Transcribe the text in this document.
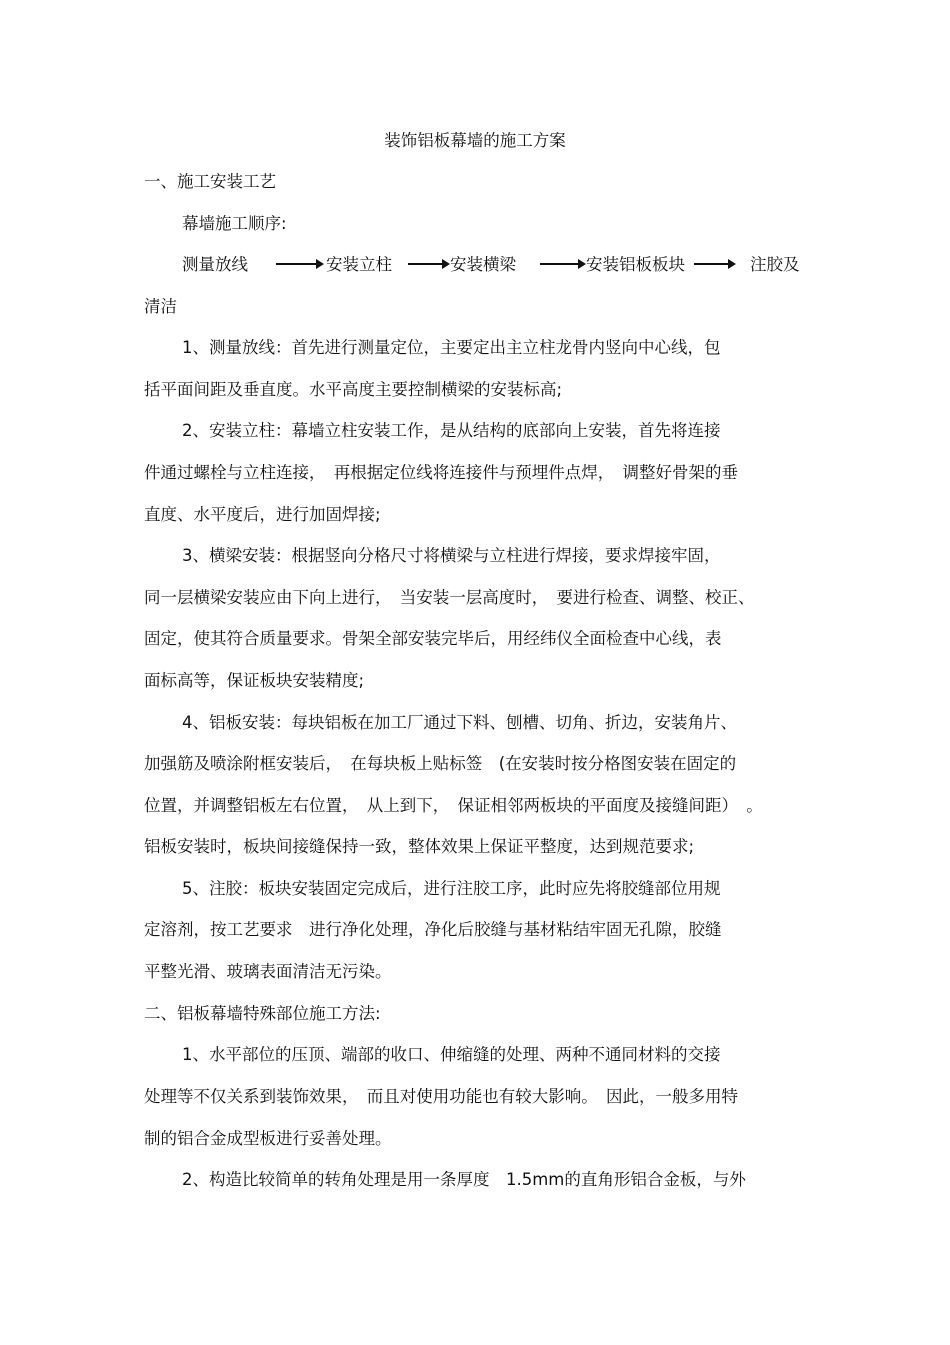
装饰铝板幕墙的施工方案
一、施工安装工艺
幕墙施工顺序:
测量放线	安装立柱	安装横梁	安装铝板板块	注胶及
清洁
1、测量放线：首先进行测量定位，主要定出主立柱龙骨内竖向中心线，包
括平面间距及垂直度。水平高度主要控制横梁的安装标高;
2、安装立柱：幕墙立柱安装工作，是从结构的底部向上安装，首先将连接
件通过螺栓与立柱连接，　再根据定位线将连接件与预埋件点焊，　调整好骨架的垂
直度、水平度后，进行加固焊接;
3、横梁安装：根据竖向分格尺寸将横梁与立柱进行焊接，要求焊接牢固，
同一层横梁安装应由下向上进行，　当安装一层高度时，　要进行检查、调整、校正、
固定，使其符合质量要求。骨架全部安装完毕后，用经纬仪全面检查中心线，表
面标高等，保证板块安装精度;
4、铝板安装：每块铝板在加工厂通过下料、刨槽、切角、折边，安装角片、
加强筋及喷涂附框安装后，　在每块板上贴标签　(在安装时按分格图安装在固定的
位置，并调整铝板左右位置，　从上到下，　保证相邻两板块的平面度及接缝间距）　。
铝板安装时，板块间接缝保持一致，整体效果上保证平整度，达到规范要求;
5、注胶：板块安装固定完成后，进行注胶工序，此时应先将胶缝部位用规
定溶剂，按工艺要求　进行净化处理，净化后胶缝与基材粘结牢固无孔隙，胶缝
平整光滑、玻璃表面清洁无污染。
二、铝板幕墙特殊部位施工方法:
1、水平部位的压顶、端部的收口、伸缩缝的处理、两种不通同材料的交接
处理等不仅关系到装饰效果，　而且对使用功能也有较大影响。　因此，一般多用特
制的铝合金成型板进行妥善处理。
2、构造比较简单的转角处理是用一条厚度　1.5mm的直角形铝合金板，与外
